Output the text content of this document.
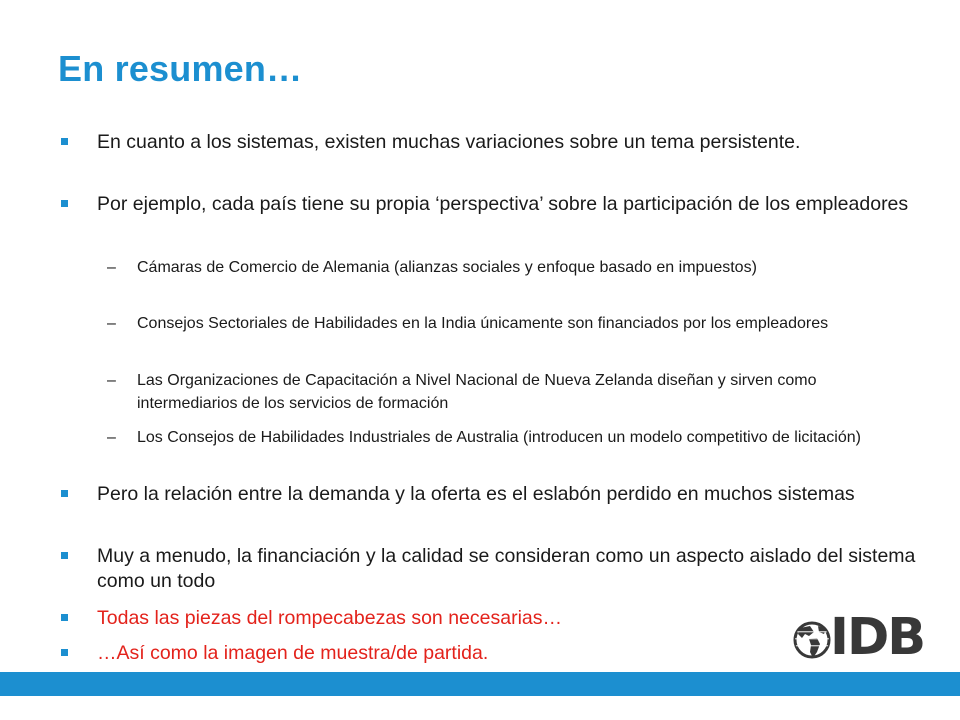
En resumen…
En cuanto a los sistemas, existen muchas variaciones sobre un tema persistente.
Por ejemplo, cada país tiene su propia ‘perspectiva’ sobre la participación de los empleadores
– Cámaras de Comercio de Alemania (alianzas sociales y enfoque basado en impuestos)
– Consejos Sectoriales de Habilidades en la India únicamente son financiados por los empleadores
– Las Organizaciones de Capacitación a Nivel Nacional de Nueva Zelanda diseñan y sirven como intermediarios de los servicios de formación
– Los Consejos de Habilidades Industriales de Australia (introducen un modelo competitivo de licitación)
Pero la relación entre la demanda y la oferta es el eslabón perdido en muchos sistemas
Muy a menudo, la financiación y la calidad se consideran como un aspecto aislado del sistema como un todo
Todas las piezas del rompecabezas son necesarias…
…Así como la imagen de muestra/de partida.	IDB
